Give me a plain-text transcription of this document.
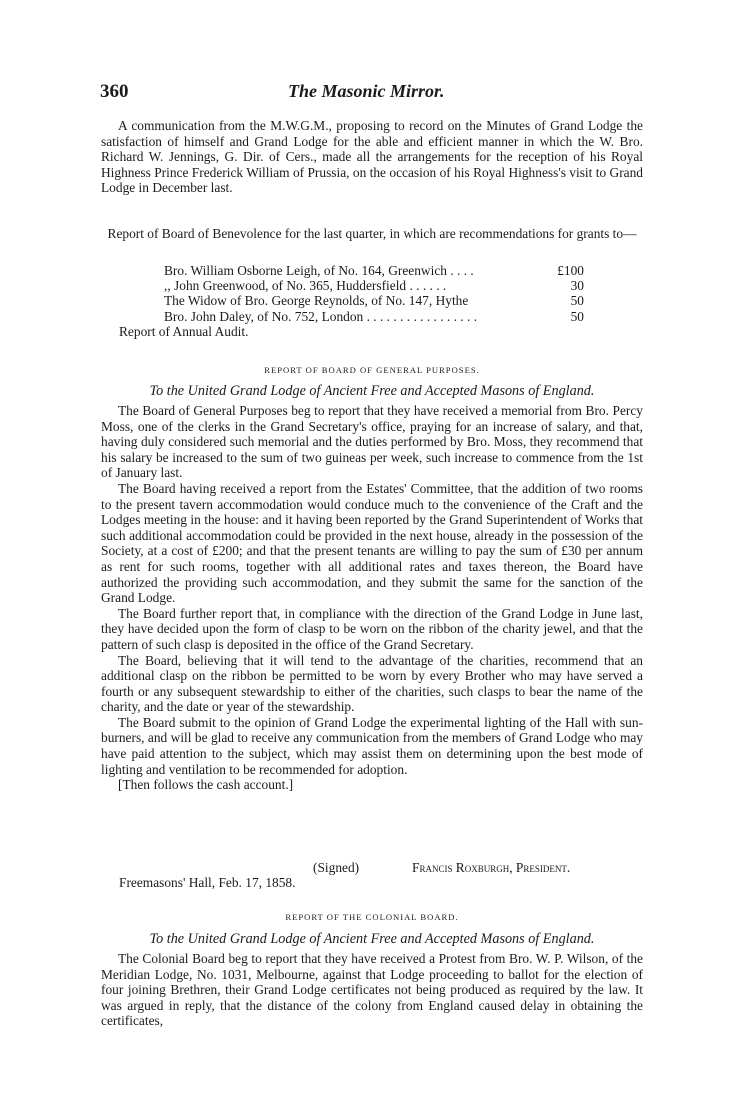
360	The Masonic Mirror.

A communication from the M.W.G.M., proposing to record on the Minutes of Grand Lodge the satisfaction of himself and Grand Lodge for the able and efficient manner in which the W. Bro. Richard W. Jennings, G. Dir. of Cers., made all the arrangements for the reception of his Royal Highness Prince Frederick William of Prussia, on the occasion of his Royal Highness's visit to Grand Lodge in December last.

Report of Board of Benevolence for the last quarter, in which are recommendations for grants to—

Bro. William Osborne Leigh, of No. 164, Greenwich . . . .	£100
,, John Greenwood, of No. 365, Huddersfield . . . . . .	30
The Widow of Bro. George Reynolds, of No. 147, Hythe	50
Bro. John Daley, of No. 752, London . . . . . . . . . . . . . . . . .	50

Report of Annual Audit.

REPORT OF BOARD OF GENERAL PURPOSES.

To the United Grand Lodge of Ancient Free and Accepted Masons of England.

The Board of General Purposes beg to report that they have received a memorial from Bro. Percy Moss, one of the clerks in the Grand Secretary's office, praying for an increase of salary, and that, having duly considered such memorial and the duties performed by Bro. Moss, they recommend that his salary be increased to the sum of two guineas per week, such increase to commence from the 1st of January last.

The Board having received a report from the Estates' Committee, that the addition of two rooms to the present tavern accommodation would conduce much to the convenience of the Craft and the Lodges meeting in the house: and it having been reported by the Grand Superintendent of Works that such additional accommodation could be provided in the next house, already in the possession of the Society, at a cost of £200; and that the present tenants are willing to pay the sum of £30 per annum as rent for such rooms, together with all additional rates and taxes thereon, the Board have authorized the providing such accommodation, and they submit the same for the sanction of the Grand Lodge.

The Board further report that, in compliance with the direction of the Grand Lodge in June last, they have decided upon the form of clasp to be worn on the ribbon of the charity jewel, and that the pattern of such clasp is deposited in the office of the Grand Secretary.

The Board, believing that it will tend to the advantage of the charities, recommend that an additional clasp on the ribbon be permitted to be worn by every Brother who may have served a fourth or any subsequent stewardship to either of the charities, such clasps to bear the name of the charity, and the date or year of the stewardship.

The Board submit to the opinion of Grand Lodge the experimental lighting of the Hall with sun-burners, and will be glad to receive any communication from the members of Grand Lodge who may have paid attention to the subject, which may assist them on determining upon the best mode of lighting and ventilation to be recommended for adoption.

[Then follows the cash account.]

(Signed)	Francis Roxburgh, President.
Freemasons' Hall, Feb. 17, 1858.

REPORT OF THE COLONIAL BOARD.

To the United Grand Lodge of Ancient Free and Accepted Masons of England.

The Colonial Board beg to report that they have received a Protest from Bro. W. P. Wilson, of the Meridian Lodge, No. 1031, Melbourne, against that Lodge proceeding to ballot for the election of four joining Brethren, their Grand Lodge certificates not being produced as required by the law. It was argued in reply, that the distance of the colony from England caused delay in obtaining the certificates,
